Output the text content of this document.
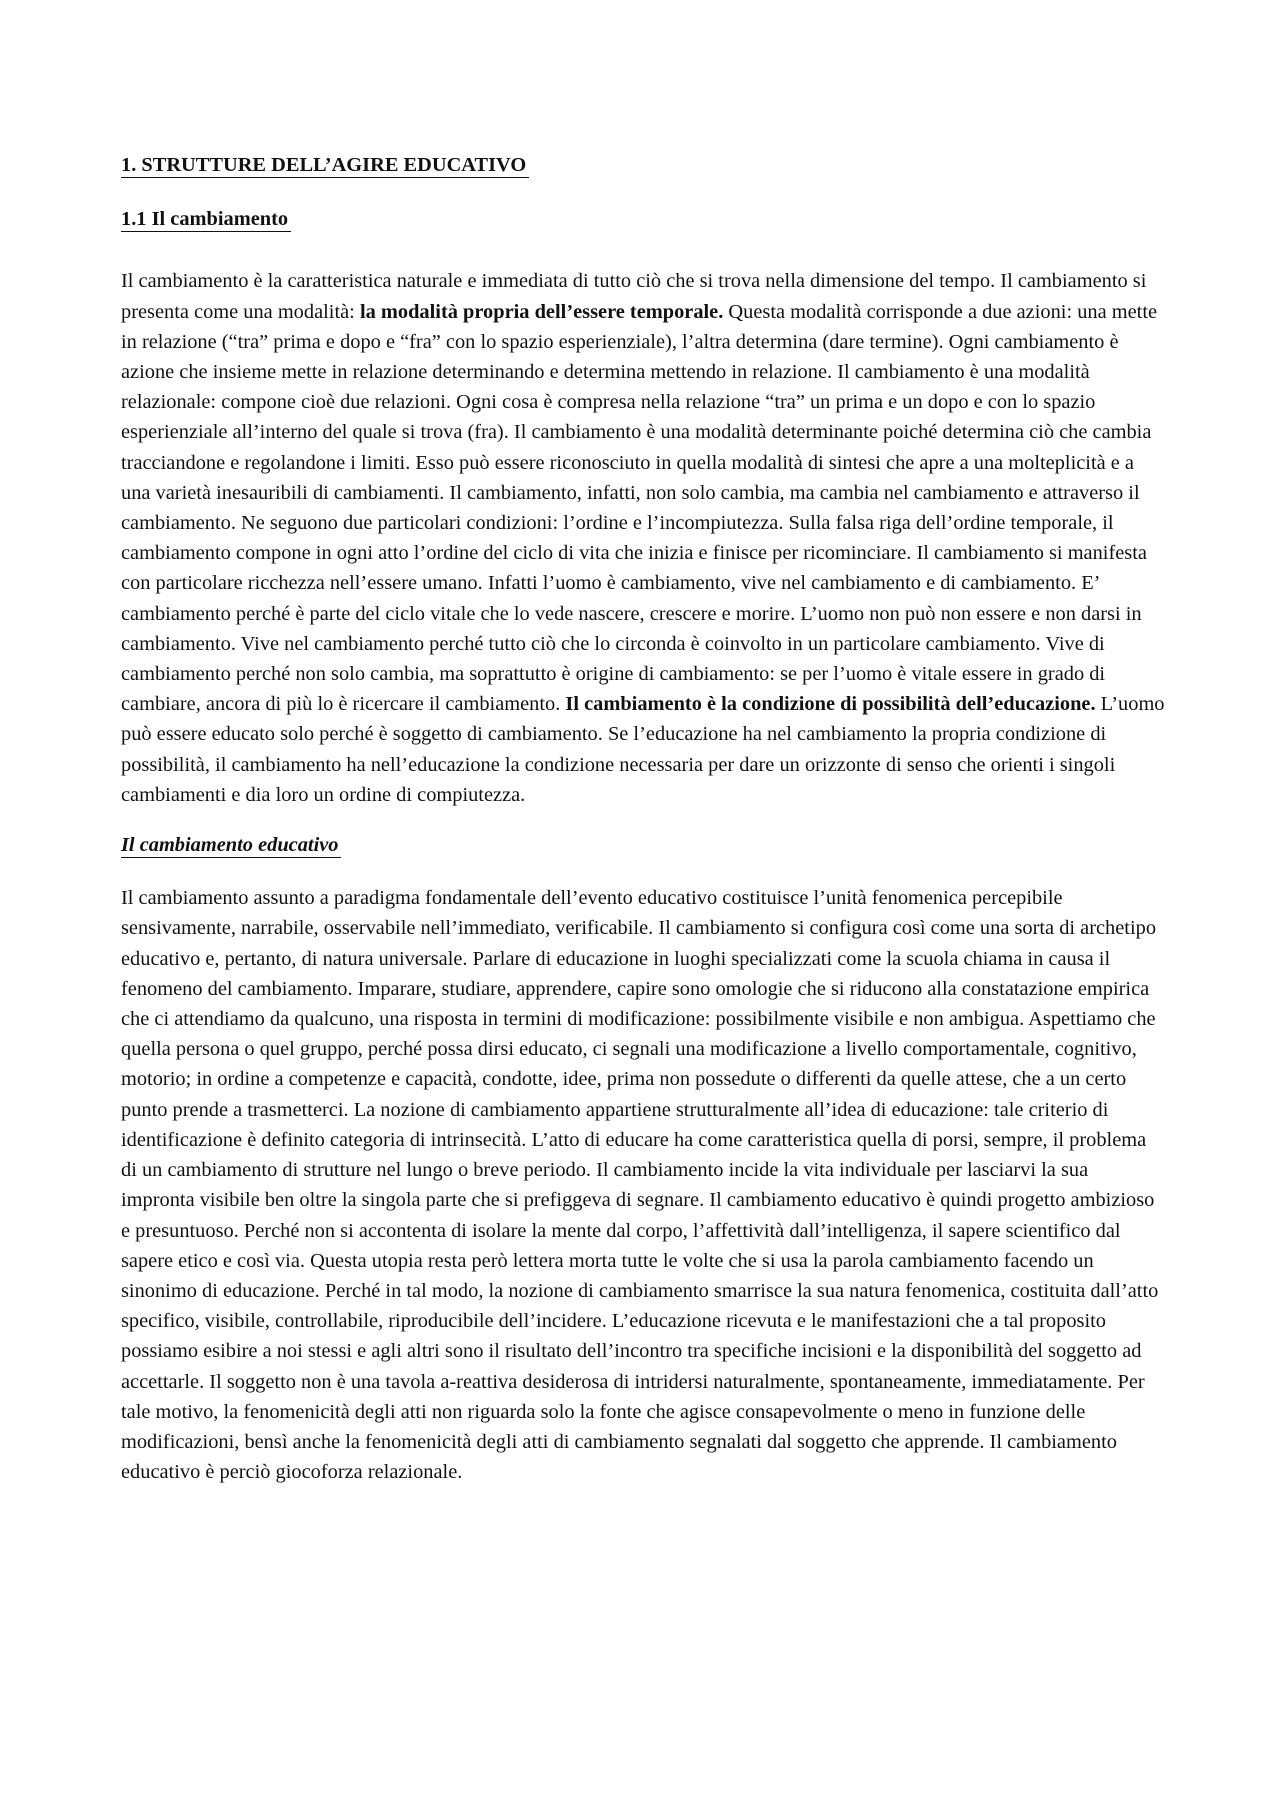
1. STRUTTURE DELL’AGIRE EDUCATIVO
1.1 Il cambiamento

Il cambiamento è la caratteristica naturale e immediata di tutto ciò che si trova nella dimensione del tempo. Il cambiamento si presenta come una modalità: la modalità propria dell’essere temporale. Questa modalità corrisponde a due azioni: una mette in relazione (“tra” prima e dopo e “fra” con lo spazio esperienziale), l’altra determina (dare termine). Ogni cambiamento è azione che insieme mette in relazione determinando e determina mettendo in relazione. Il cambiamento è una modalità relazionale: compone cioè due relazioni. Ogni cosa è compresa nella relazione “tra” un prima e un dopo e con lo spazio esperienziale all’interno del quale si trova (fra). Il cambiamento è una modalità determinante poiché determina ciò che cambia tracciandone e regolandone i limiti. Esso può essere riconosciuto in quella modalità di sintesi che apre a una molteplicità e a una varietà inesauribili di cambiamenti. Il cambiamento, infatti, non solo cambia, ma cambia nel cambiamento e attraverso il cambiamento. Ne seguono due particolari condizioni: l’ordine e l’incompiutezza. Sulla falsa riga dell’ordine temporale, il cambiamento compone in ogni atto l’ordine del ciclo di vita che inizia e finisce per ricominciare. Il cambiamento si manifesta con particolare ricchezza nell’essere umano. Infatti l’uomo è cambiamento, vive nel cambiamento e di cambiamento. E’ cambiamento perché è parte del ciclo vitale che lo vede nascere, crescere e morire. L’uomo non può non essere e non darsi in cambiamento. Vive nel cambiamento perché tutto ciò che lo circonda è coinvolto in un particolare cambiamento. Vive di cambiamento perché non solo cambia, ma soprattutto è origine di cambiamento: se per l’uomo è vitale essere in grado di cambiare, ancora di più lo è ricercare il cambiamento. Il cambiamento è la condizione di possibilità dell’educazione. L’uomo può essere educato solo perché è soggetto di cambiamento. Se l’educazione ha nel cambiamento la propria condizione di possibilità, il cambiamento ha nell’educazione la condizione necessaria per dare un orizzonte di senso che orienti i singoli cambiamenti e dia loro un ordine di compiutezza.

Il cambiamento educativo

Il cambiamento assunto a paradigma fondamentale dell’evento educativo costituisce l’unità fenomenica percepibile sensivamente, narrabile, osservabile nell’immediato, verificabile. Il cambiamento si configura così come una sorta di archetipo educativo e, pertanto, di natura universale. Parlare di educazione in luoghi specializzati come la scuola chiama in causa il fenomeno del cambiamento. Imparare, studiare, apprendere, capire sono omologie che si riducono alla constatazione empirica che ci attendiamo da qualcuno, una risposta in termini di modificazione: possibilmente visibile e non ambigua. Aspettiamo che quella persona o quel gruppo, perché possa dirsi educato, ci segnali una modificazione a livello comportamentale, cognitivo, motorio; in ordine a competenze e capacità, condotte, idee, prima non possedute o differenti da quelle attese, che a un certo punto prende a trasmetterci. La nozione di cambiamento appartiene strutturalmente all’idea di educazione: tale criterio di identificazione è definito categoria di intrinsecità. L’atto di educare ha come caratteristica quella di porsi, sempre, il problema di un cambiamento di strutture nel lungo o breve periodo. Il cambiamento incide la vita individuale per lasciarvi la sua impronta visibile ben oltre la singola parte che si prefiggeva di segnare. Il cambiamento educativo è quindi progetto ambizioso e presuntuoso. Perché non si accontenta di isolare la mente dal corpo, l’affettività dall’intelligenza, il sapere scientifico dal sapere etico e così via. Questa utopia resta però lettera morta tutte le volte che si usa la parola cambiamento facendo un sinonimo di educazione. Perché in tal modo, la nozione di cambiamento smarrisce la sua natura fenomenica, costituita dall’atto specifico, visibile, controllabile, riproducibile dell’incidere. L’educazione ricevuta e le manifestazioni che a tal proposito possiamo esibire a noi stessi e agli altri sono il risultato dell’incontro tra specifiche incisioni e la disponibilità del soggetto ad accettarle. Il soggetto non è una tavola a-reattiva desiderosa di intridersi naturalmente, spontaneamente, immediatamente. Per tale motivo, la fenomenicità degli atti non riguarda solo la fonte che agisce consapevolmente o meno in funzione delle modificazioni, bensì anche la fenomenicità degli atti di cambiamento segnalati dal soggetto che apprende. Il cambiamento educativo è perciò giocoforza relazionale.
